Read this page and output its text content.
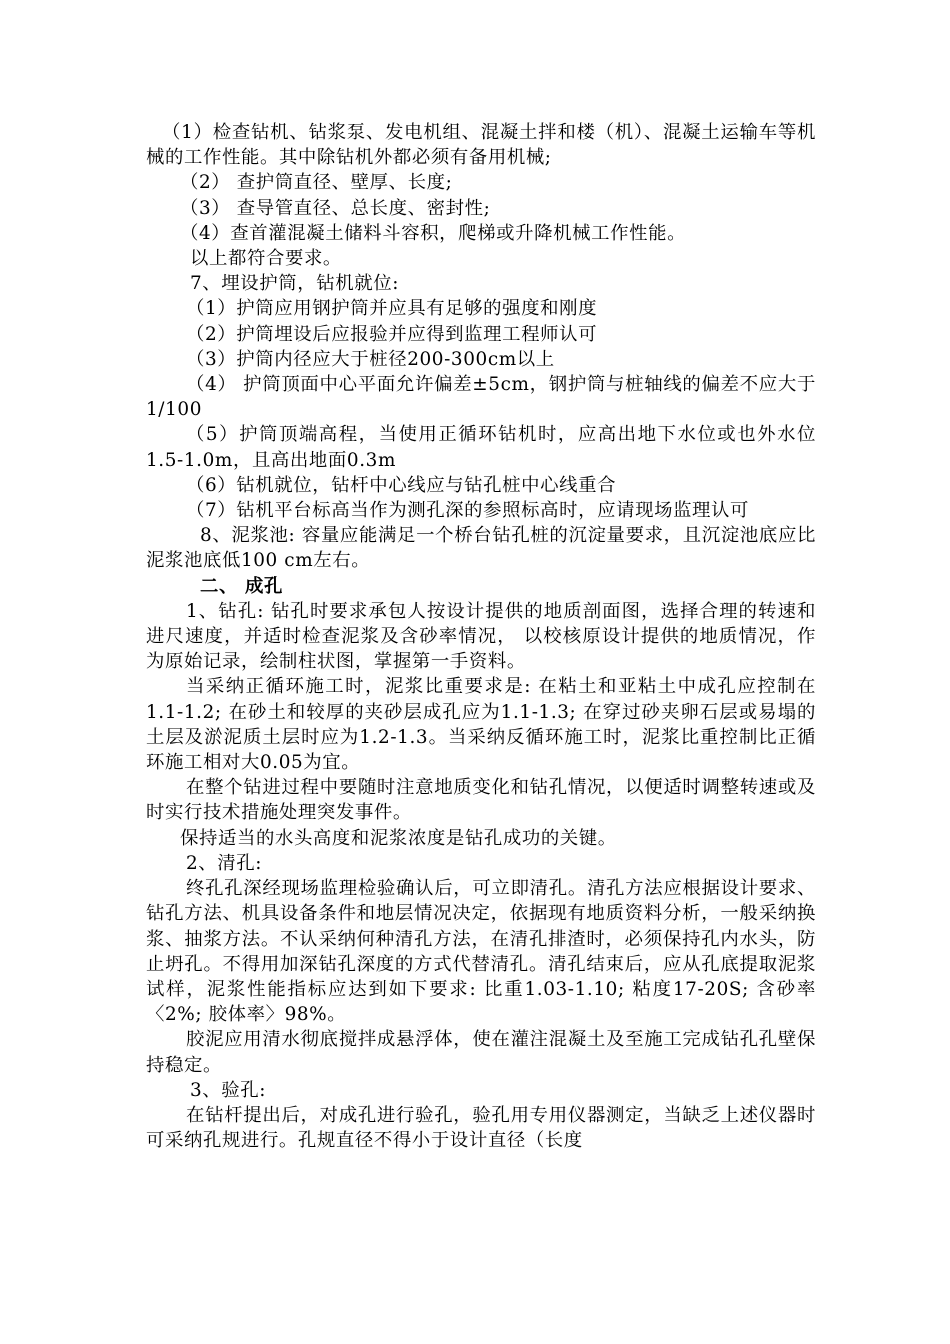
（1）检查钻机、钻浆泵、发电机组、混凝土拌和楼（机）、混凝土运输车等机械的工作性能。其中除钻机外都必须有备用机械;

（2） 查护筒直径、壁厚、长度;

（3） 查导管直径、总长度、密封性;

（4）查首灌混凝土储料斗容积，爬梯或升降机械工作性能。

以上都符合要求。

7、埋设护筒，钻机就位:

（1）护筒应用钢护筒并应具有足够的强度和刚度

（2）护筒埋设后应报验并应得到监理工程师认可

（3）护筒内径应大于桩径200-300cm以上

（4） 护筒顶面中心平面允许偏差±5cm，钢护筒与桩轴线的偏差不应大于1/100

（5）护筒顶端高程，当使用正循环钻机时，应高出地下水位或也外水位1.5-1.0m，且高出地面0.3m

（6）钻机就位，钻杆中心线应与钻孔桩中心线重合

（7）钻机平台标高当作为测孔深的参照标高时，应请现场监理认可

8、泥浆池: 容量应能满足一个桥台钻孔桩的沉淀量要求，且沉淀池底应比泥浆池底低100 cm左右。

二、 成孔

1、钻孔: 钻孔时要求承包人按设计提供的地质剖面图，选择合理的转速和进尺速度，并适时检查泥浆及含砂率情况， 以校核原设计提供的地质情况，作为原始记录，绘制柱状图，掌握第一手资料。

当采纳正循环施工时，泥浆比重要求是: 在粘土和亚粘土中成孔应控制在1.1-1.2; 在砂土和较厚的夹砂层成孔应为1.1-1.3; 在穿过砂夹卵石层或易塌的土层及淤泥质土层时应为1.2-1.3。当采纳反循环施工时，泥浆比重控制比正循环施工相对大0.05为宜。

在整个钻进过程中要随时注意地质变化和钻孔情况，以便适时调整转速或及时实行技术措施处理突发事件。

保持适当的水头高度和泥浆浓度是钻孔成功的关键。

2、清孔:

终孔孔深经现场监理检验确认后，可立即清孔。清孔方法应根据设计要求、钻孔方法、机具设备条件和地层情况决定，依据现有地质资料分析，一般采纳换浆、抽浆方法。不认采纳何种清孔方法，在清孔排渣时，必须保持孔内水头，防止坍孔。不得用加深钻孔深度的方式代替清孔。清孔结束后，应从孔底提取泥浆试样，泥浆性能指标应达到如下要求: 比重1.03-1.10; 粘度17-20S; 含砂率〈2%; 胶体率〉98%。

胶泥应用清水彻底搅拌成悬浮体，使在灌注混凝土及至施工完成钻孔孔壁保持稳定。

3、验孔:

在钻杆提出后，对成孔进行验孔，验孔用专用仪器测定，当缺乏上述仪器时可采纳孔规进行。孔规直径不得小于设计直径（长度
